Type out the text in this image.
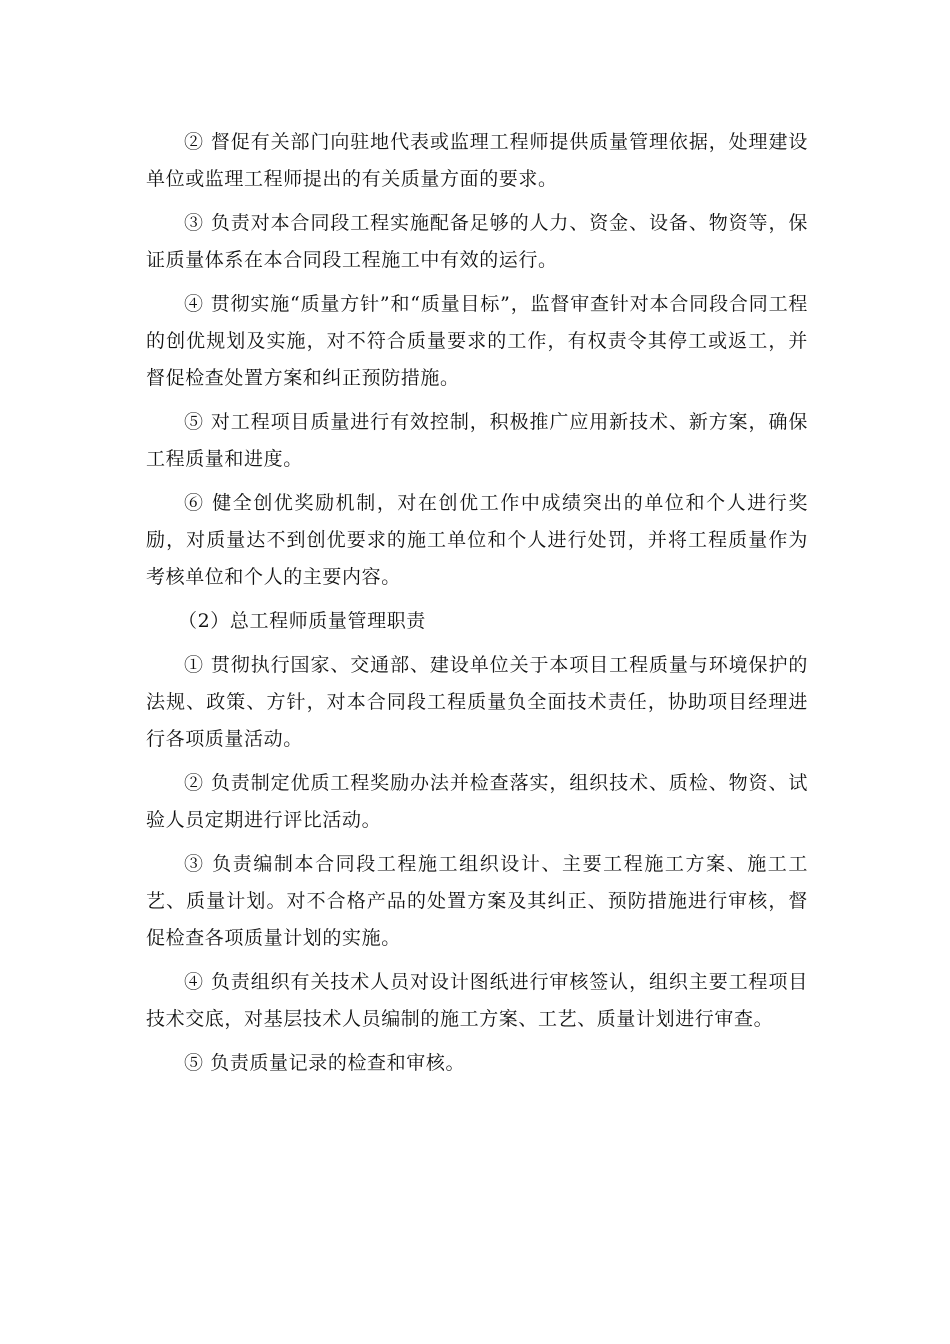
② 督促有关部门向驻地代表或监理工程师提供质量管理依据，处理建设单位或监理工程师提出的有关质量方面的要求。

③ 负责对本合同段工程实施配备足够的人力、资金、设备、物资等，保证质量体系在本合同段工程施工中有效的运行。

④ 贯彻实施“质量方针”和“质量目标”，监督审查针对本合同段合同工程的创优规划及实施，对不符合质量要求的工作，有权责令其停工或返工，并督促检查处置方案和纠正预防措施。

⑤ 对工程项目质量进行有效控制，积极推广应用新技术、新方案，确保工程质量和进度。

⑥ 健全创优奖励机制，对在创优工作中成绩突出的单位和个人进行奖励，对质量达不到创优要求的施工单位和个人进行处罚，并将工程质量作为考核单位和个人的主要内容。

（2）总工程师质量管理职责

① 贯彻执行国家、交通部、建设单位关于本项目工程质量与环境保护的法规、政策、方针，对本合同段工程质量负全面技术责任，协助项目经理进行各项质量活动。

② 负责制定优质工程奖励办法并检查落实，组织技术、质检、物资、试验人员定期进行评比活动。

③ 负责编制本合同段工程施工组织设计、主要工程施工方案、施工工艺、质量计划。对不合格产品的处置方案及其纠正、预防措施进行审核，督促检查各项质量计划的实施。

④ 负责组织有关技术人员对设计图纸进行审核签认，组织主要工程项目技术交底，对基层技术人员编制的施工方案、工艺、质量计划进行审查。

⑤ 负责质量记录的检查和审核。
